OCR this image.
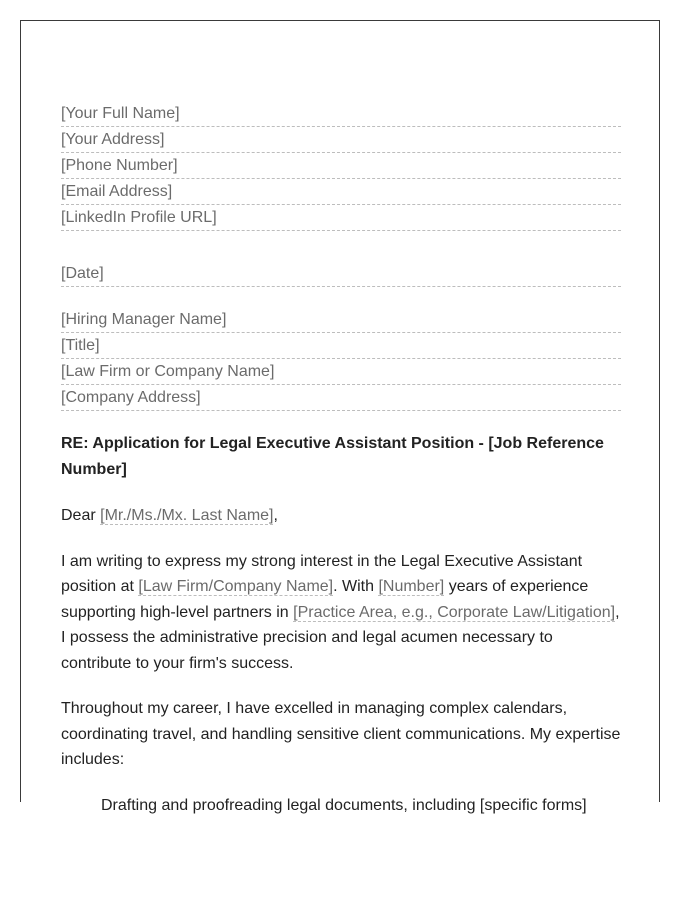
[Your Full Name]
[Your Address]
[Phone Number]
[Email Address]
[LinkedIn Profile URL]
[Date]
[Hiring Manager Name]
[Title]
[Law Firm or Company Name]
[Company Address]
RE: Application for Legal Executive Assistant Position - [Job Reference Number]

Dear [Mr./Ms./Mx. Last Name],

I am writing to express my strong interest in the Legal Executive Assistant position at [Law Firm/Company Name]. With [Number] years of experience supporting high-level partners in [Practice Area, e.g., Corporate Law/Litigation], I possess the administrative precision and legal acumen necessary to contribute to your firm's success.

Throughout my career, I have excelled in managing complex calendars, coordinating travel, and handling sensitive client communications. My expertise includes:

Drafting and proofreading legal documents, including [specific forms]
